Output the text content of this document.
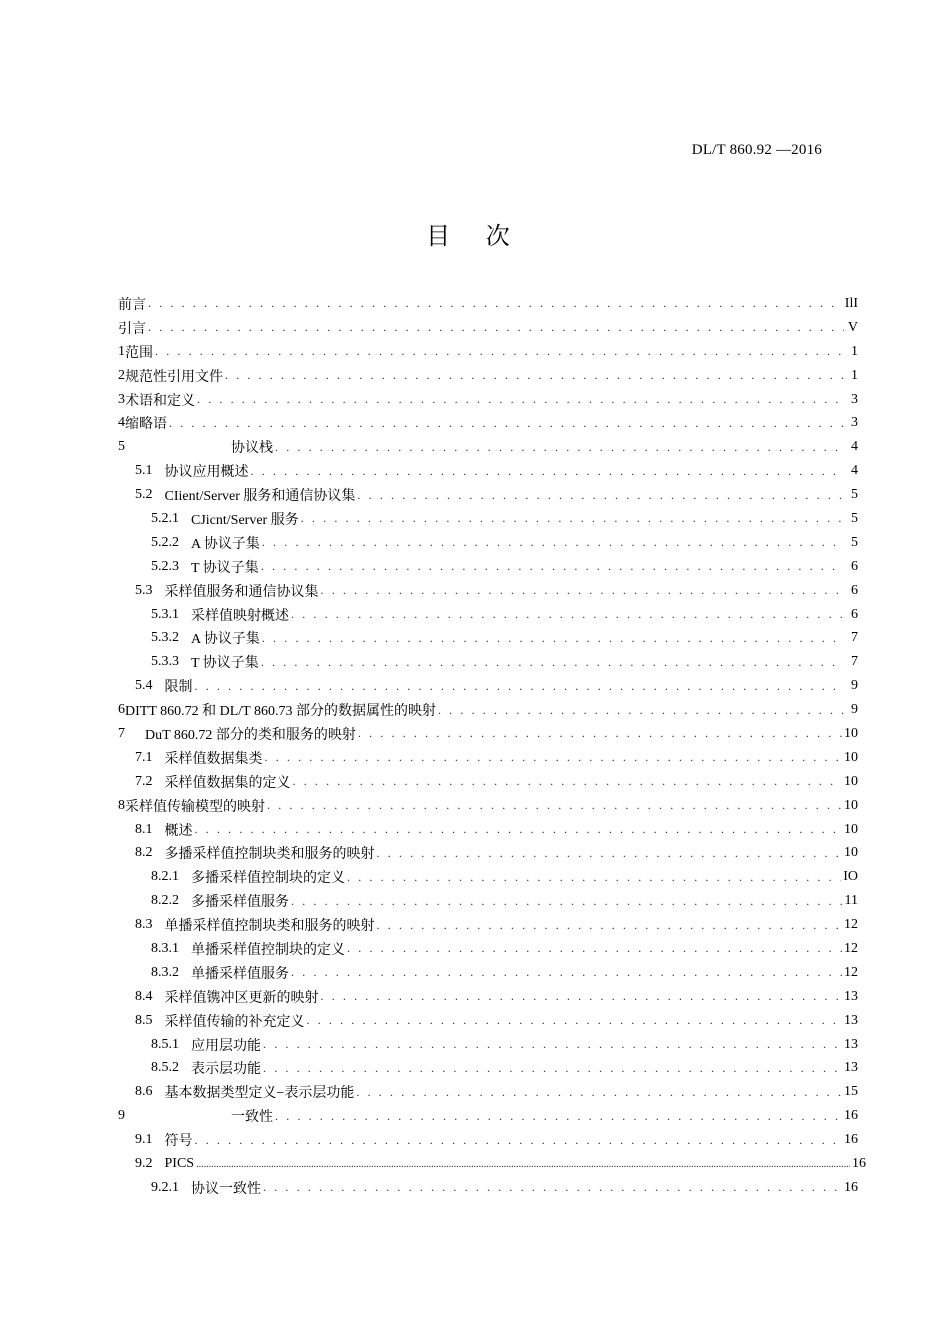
DL/T 860.92 —2016
目 次
前言 . . .	IlI
引言 . . .	V
1 范围 . . .	1
2 规范性引用文件 . . .	1
3 术语和定义 . . .	3
4 缩略语 . . .	3
5	协议栈 . . .	4
5.1 协议应用概述 . . .	4
5.2 CIient/Server 服务和通信协议集 . . .	5
5.2.1 CJicnt/Server 服务 . . .	5
5.2.2 A 协议子集 . . .	5
5.2.3 T 协议子集 . . .	6
5.3 采样值服务和通信协议集 . . .	6
5.3.1 采样值映射概述 . . .	6
5.3.2 A 协议子集 . . .	7
5.3.3 T 协议子集 . . .	7
5.4 限制 . . .	9
6 DITT 860.72 和 DL/T 860.73 部分的数据属性的映射 . . .	9
7 DuT 860.72 部分的类和服务的映射 . . .	10
7.1 采样值数据集类 . . .	10
7.2 采样值数据集的定义 . . .	10
8 采样值传输模型的映射 . . .	10
8.1 概述 . . .	10
8.2 多播采样值控制块类和服务的映射 . . .	10
8.2.1 多播采样值控制块的定义 . . .	IO
8.2.2 多播采样值服务 . . .	11
8.3 单播采样值控制块类和服务的映射 . . .	12
8.3.1 单播采样值控制块的定义 . . .	12
8.3.2 单播采样值服务 . . .	12
8.4 采样值镌冲区更新的映射 . . .	13
8.5 采样值传输的补充定义 . . .	13
8.5.1 应用层功能 . . .	13
8.5.2 表示层功能 . . .	13
8.6 基本数据类型定义−表示层功能 . . .	15
9	一致性 . . .	16
9.1 符号 . . .	16
9.2 PICS .....	16
9.2.1 协议一致性 . . .	16
